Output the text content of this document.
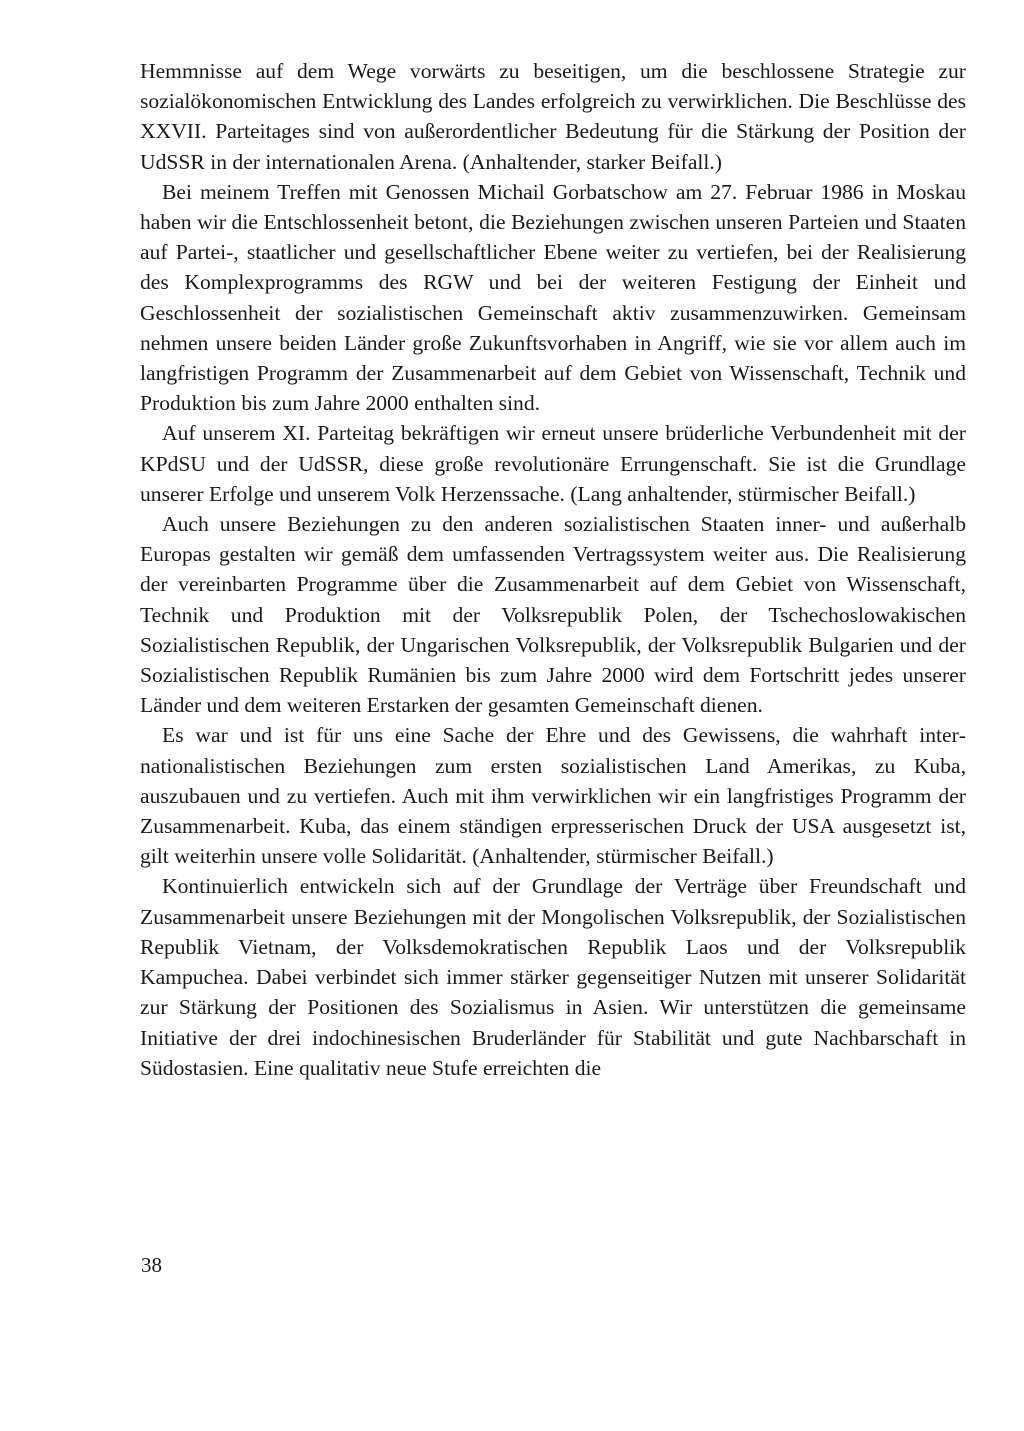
Hemmnisse auf dem Wege vorwärts zu beseitigen, um die beschlossene Strategie zur sozialökonomischen Entwicklung des Landes erfolgreich zu verwirklichen. Die Beschlüsse des XXVII. Parteitages sind von außerordentlicher Bedeutung für die Stärkung der Position der UdSSR in der internationalen Arena. (Anhaltender, starker Beifall.)

Bei meinem Treffen mit Genossen Michail Gorbatschow am 27. Februar 1986 in Moskau haben wir die Entschlossenheit betont, die Beziehungen zwischen unseren Parteien und Staaten auf Partei-, staatlicher und gesellschaftlicher Ebene weiter zu vertiefen, bei der Realisierung des Komplexprogramms des RGW und bei der weiteren Festigung der Einheit und Geschlossenheit der sozialistischen Gemeinschaft aktiv zusammenzuwirken. Gemeinsam nehmen unsere beiden Länder große Zukunftsvorhaben in Angriff, wie sie vor allem auch im langfristigen Programm der Zusammenarbeit auf dem Gebiet von Wissenschaft, Technik und Produktion bis zum Jahre 2000 enthalten sind.

Auf unserem XI. Parteitag bekräftigen wir erneut unsere brüderliche Verbundenheit mit der KPdSU und der UdSSR, diese große revolutionäre Errungenschaft. Sie ist die Grundlage unserer Erfolge und unserem Volk Herzenssache. (Lang anhaltender, stürmischer Beifall.)

Auch unsere Beziehungen zu den anderen sozialistischen Staaten inner- und außerhalb Europas gestalten wir gemäß dem umfassenden Vertragssystem weiter aus. Die Realisierung der vereinbarten Programme über die Zusammenarbeit auf dem Gebiet von Wissenschaft, Technik und Produktion mit der Volksrepublik Polen, der Tschechoslowakischen Sozialistischen Republik, der Ungarischen Volksrepublik, der Volksrepublik Bulgarien und der Sozialistischen Republik Rumänien bis zum Jahre 2000 wird dem Fortschritt jedes unserer Länder und dem weiteren Erstarken der gesamten Gemeinschaft dienen.

Es war und ist für uns eine Sache der Ehre und des Gewissens, die wahrhaft internationalistischen Beziehungen zum ersten sozialistischen Land Amerikas, zu Kuba, auszubauen und zu vertiefen. Auch mit ihm verwirklichen wir ein langfristiges Programm der Zusammenarbeit. Kuba, das einem ständigen erpresserischen Druck der USA ausgesetzt ist, gilt weiterhin unsere volle Solidarität. (Anhaltender, stürmischer Beifall.)

Kontinuierlich entwickeln sich auf der Grundlage der Verträge über Freundschaft und Zusammenarbeit unsere Beziehungen mit der Mongolischen Volksrepublik, der Sozialistischen Republik Vietnam, der Volksdemokratischen Republik Laos und der Volksrepublik Kampuchea. Dabei verbindet sich immer stärker gegenseitiger Nutzen mit unserer Solidarität zur Stärkung der Positionen des Sozialismus in Asien. Wir unterstützen die gemeinsame Initiative der drei indochinesischen Bruderländer für Stabilität und gute Nachbarschaft in Südostasien. Eine qualitativ neue Stufe erreichten die

38
